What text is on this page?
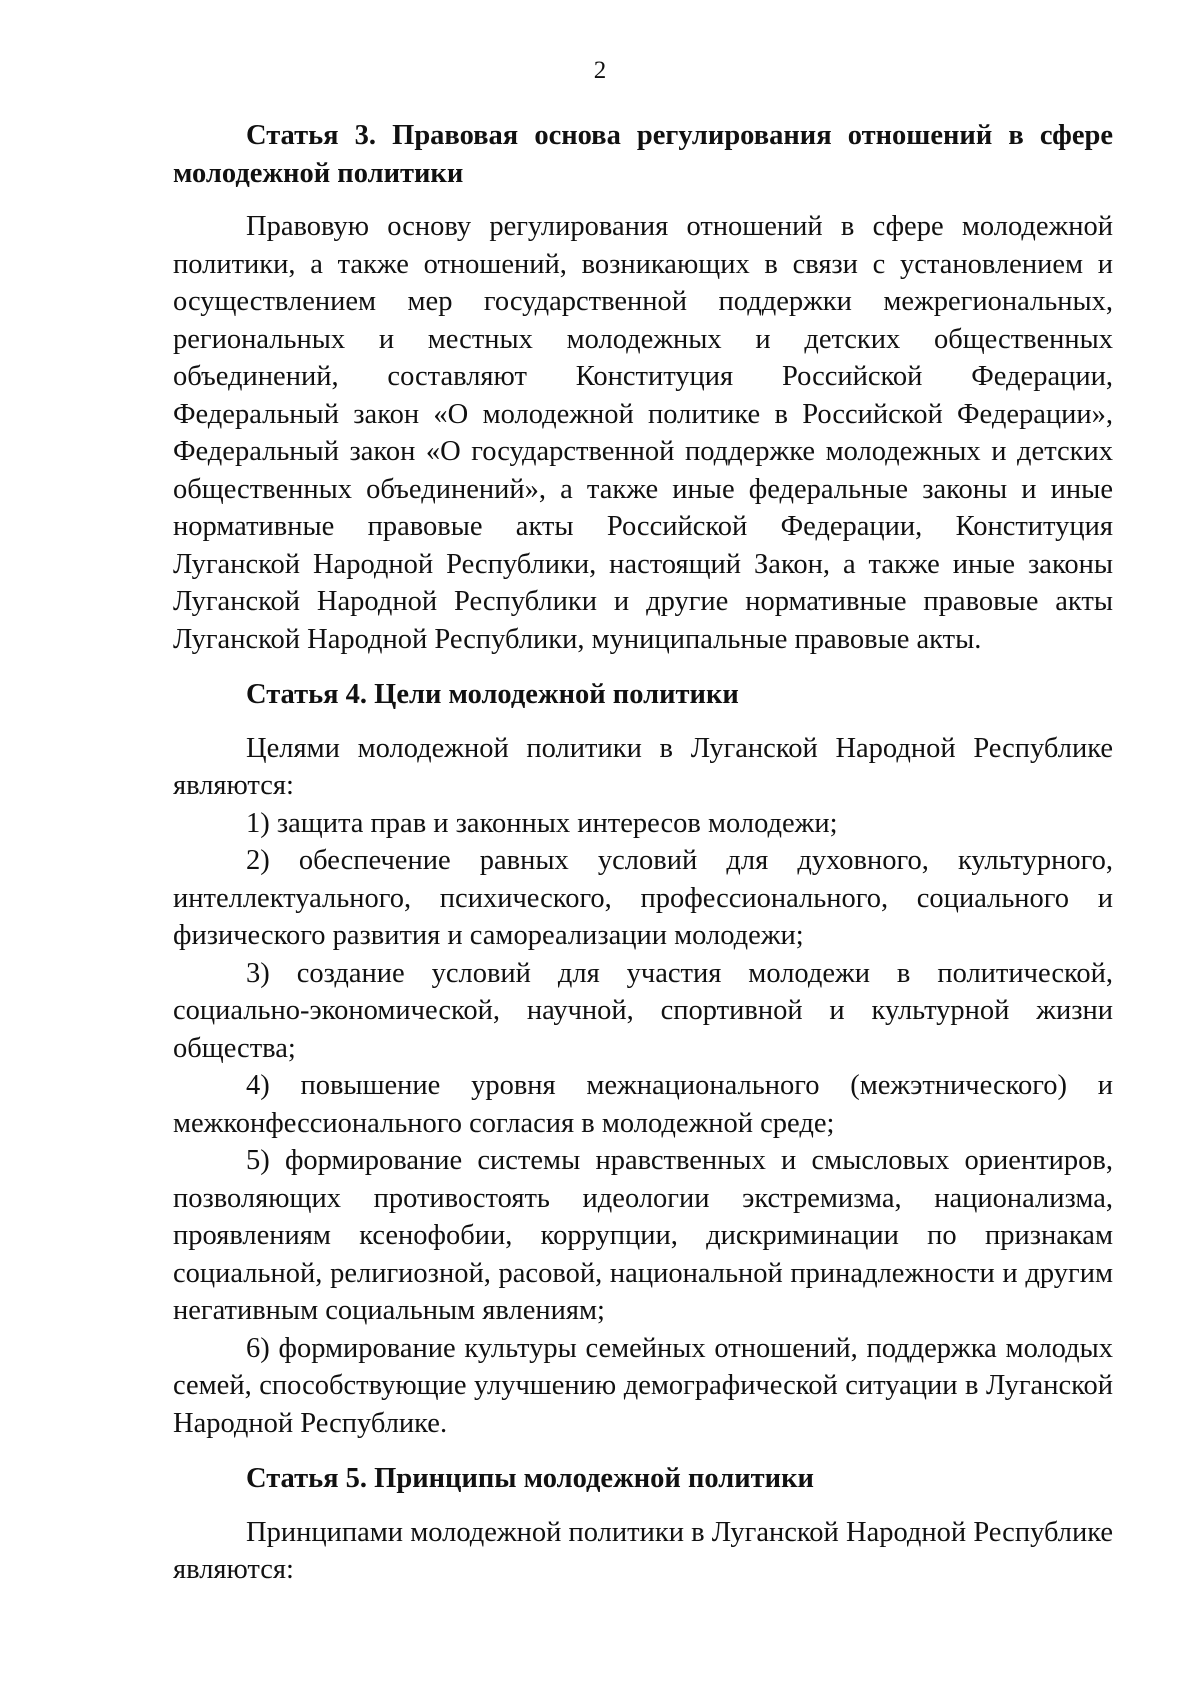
2

Статья 3. Правовая основа регулирования отношений в сфере молодежной политики

Правовую основу регулирования отношений в сфере молодежной политики, а также отношений, возникающих в связи с установлением и осуществлением мер государственной поддержки межрегиональных, региональных и местных молодежных и детских общественных объединений, составляют Конституция Российской Федерации, Федеральный закон «О молодежной политике в Российской Федерации», Федеральный закон «О государственной поддержке молодежных и детских общественных объединений», а также иные федеральные законы и иные нормативные правовые акты Российской Федерации, Конституция Луганской Народной Республики, настоящий Закон, а также иные законы Луганской Народной Республики и другие нормативные правовые акты Луганской Народной Республики, муниципальные правовые акты.

Статья 4. Цели молодежной политики

Целями молодежной политики в Луганской Народной Республике являются:

1) защита прав и законных интересов молодежи;

2) обеспечение равных условий для духовного, культурного, интеллектуального, психического, профессионального, социального и физического развития и самореализации молодежи;

3) создание условий для участия молодежи в политической, социально-экономической, научной, спортивной и культурной жизни общества;

4) повышение уровня межнационального (межэтнического) и межконфессионального согласия в молодежной среде;

5) формирование системы нравственных и смысловых ориентиров, позволяющих противостоять идеологии экстремизма, национализма, проявлениям ксенофобии, коррупции, дискриминации по признакам социальной, религиозной, расовой, национальной принадлежности и другим негативным социальным явлениям;

6) формирование культуры семейных отношений, поддержка молодых семей, способствующие улучшению демографической ситуации в Луганской Народной Республике.

Статья 5. Принципы молодежной политики

Принципами молодежной политики в Луганской Народной Республике являются:
